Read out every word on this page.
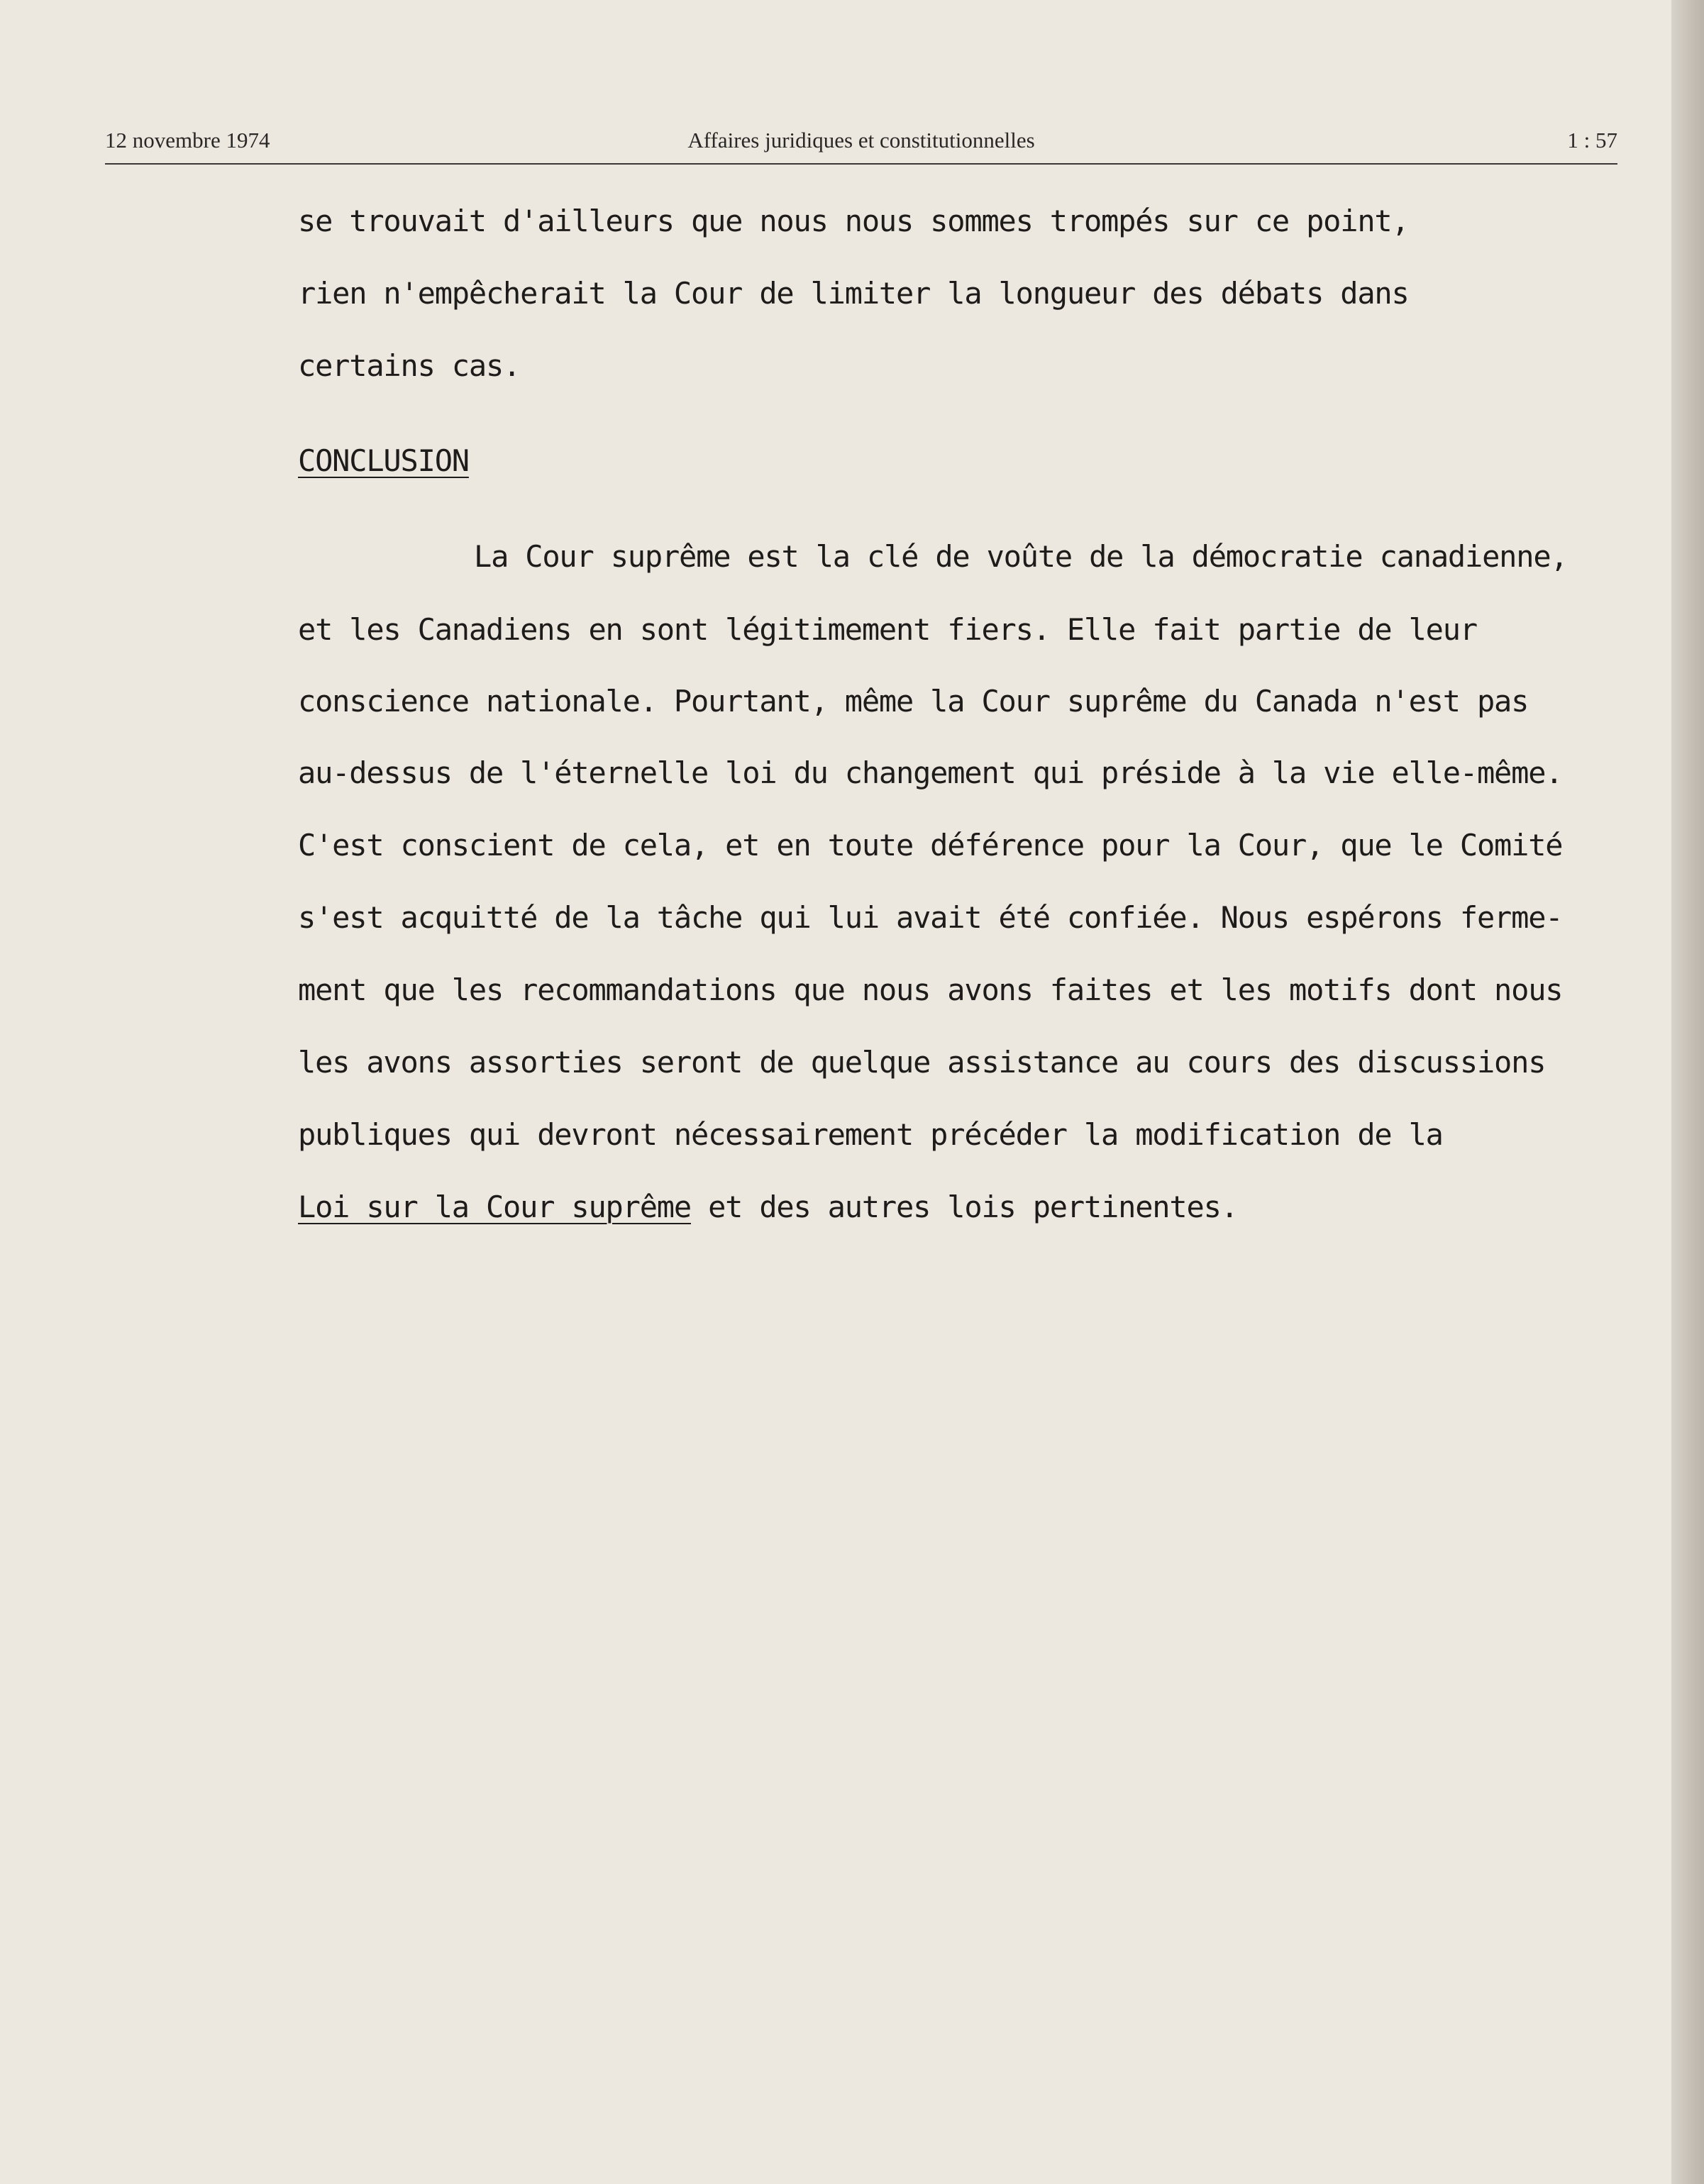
12 novembre 1974	Affaires juridiques et constitutionnelles	1 : 57
se trouvait d'ailleurs que nous nous sommes trompés sur ce point,
rien n'empêcherait la Cour de limiter la longueur des débats dans
certains cas.
CONCLUSION
La Cour suprême est la clé de voûte de la démocratie canadienne,
et les Canadiens en sont légitimement fiers. Elle fait partie de leur
conscience nationale. Pourtant, même la Cour suprême du Canada n'est pas
au-dessus de l'éternelle loi du changement qui préside à la vie elle-même.
C'est conscient de cela, et en toute déférence pour la Cour, que le Comité
s'est acquitté de la tâche qui lui avait été confiée. Nous espérons ferme-
ment que les recommandations que nous avons faites et les motifs dont nous
les avons assorties seront de quelque assistance au cours des discussions
publiques qui devront nécessairement précéder la modification de la
Loi sur la Cour suprême et des autres lois pertinentes.
